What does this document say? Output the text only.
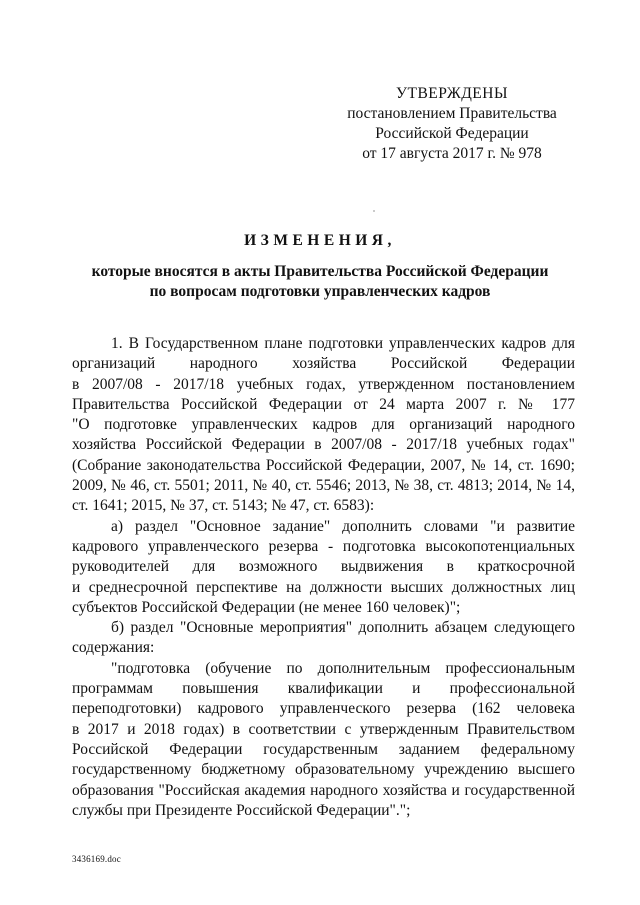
УТВЕРЖДЕНЫ
постановлением Правительства
Российской Федерации
от 17 августа 2017 г. № 978
ИЗМЕНЕНИЯ,
которые вносятся в акты Правительства Российской Федерации
по вопросам подготовки управленческих кадров
1. В Государственном плане подготовки управленческих кадров для
организаций народного хозяйства Российской Федерации
в 2007/08 - 2017/18 учебных годах, утвержденном постановлением
Правительства Российской Федерации от 24 марта 2007 г. № 177
"О подготовке управленческих кадров для организаций народного
хозяйства Российской Федерации в 2007/08 - 2017/18 учебных годах"
(Собрание законодательства Российской Федерации, 2007, № 14, ст. 1690;
2009, № 46, ст. 5501; 2011, № 40, ст. 5546; 2013, № 38, ст. 4813; 2014, № 14,
ст. 1641; 2015, № 37, ст. 5143; № 47, ст. 6583):
а) раздел "Основное задание" дополнить словами "и развитие
кадрового управленческого резерва - подготовка высокопотенциальных
руководителей для возможного выдвижения в краткосрочной
и среднесрочной перспективе на должности высших должностных лиц
субъектов Российской Федерации (не менее 160 человек)";
б) раздел "Основные мероприятия" дополнить абзацем следующего
содержания:
"подготовка (обучение по дополнительным профессиональным
программам повышения квалификации и профессиональной
переподготовки) кадрового управленческого резерва (162 человека
в 2017 и 2018 годах) в соответствии с утвержденным Правительством
Российской Федерации государственным заданием федеральному
государственному бюджетному образовательному учреждению высшего
образования "Российская академия народного хозяйства и государственной
службы при Президенте Российской Федерации".";
3436169.doc
